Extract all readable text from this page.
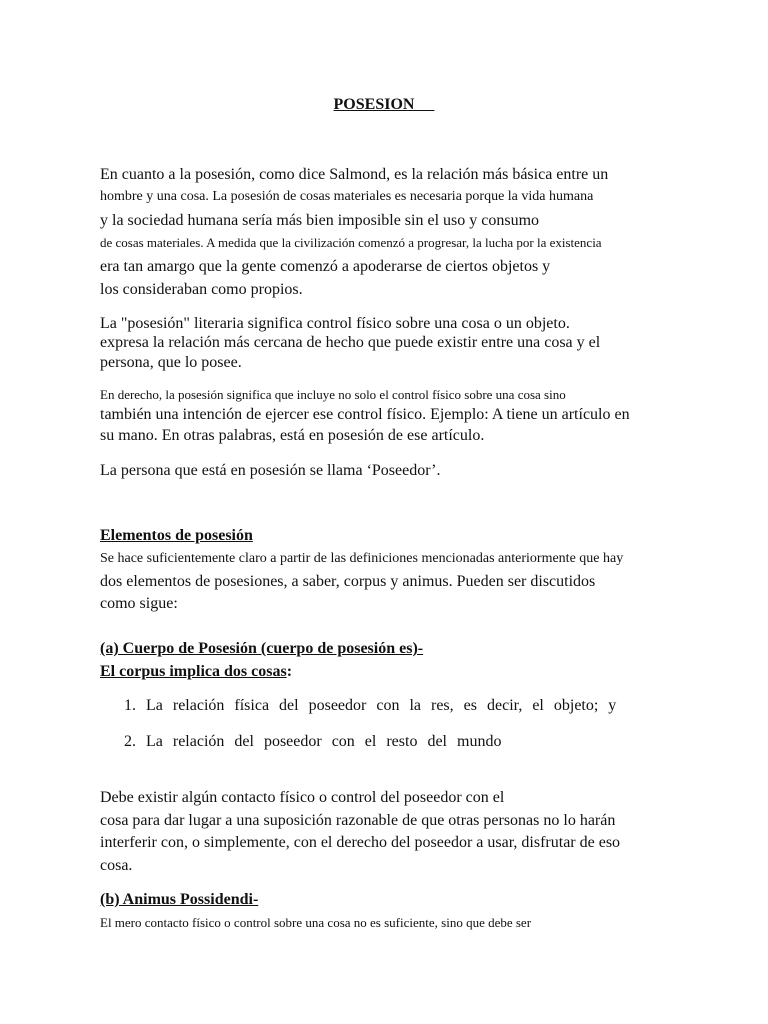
POSESION
En cuanto a la posesión, como dice Salmond, es la relación más básica entre un
hombre y una cosa. La posesión de cosas materiales es necesaria porque la vida humana
y la sociedad humana sería más bien imposible sin el uso y consumo
de cosas materiales. A medida que la civilización comenzó a progresar, la lucha por la existencia
era tan amargo que la gente comenzó a apoderarse de ciertos objetos y
los consideraban como propios.
La "posesión" literaria significa control físico sobre una cosa o un objeto.
expresa la relación más cercana de hecho que puede existir entre una cosa y el
persona, que lo posee.
En derecho, la posesión significa que incluye no solo el control físico sobre una cosa sino
también una intención de ejercer ese control físico. Ejemplo: A tiene un artículo en
su mano. En otras palabras, está en posesión de ese artículo.
La persona que está en posesión se llama ‘Poseedor’.
Elementos de posesión
Se hace suficientemente claro a partir de las definiciones mencionadas anteriormente que hay
dos elementos de posesiones, a saber, corpus y animus. Pueden ser discutidos
como sigue:
(a) Cuerpo de Posesión (cuerpo de posesión es)-
El corpus implica dos cosas:
1. La relación física del poseedor con la res, es decir, el objeto; y
2. La relación del poseedor con el resto del mundo
Debe existir algún contacto físico o control del poseedor con el
cosa para dar lugar a una suposición razonable de que otras personas no lo harán
interferir con, o simplemente, con el derecho del poseedor a usar, disfrutar de eso
cosa.
(b) Animus Possidendi-
El mero contacto físico o control sobre una cosa no es suficiente, sino que debe ser
